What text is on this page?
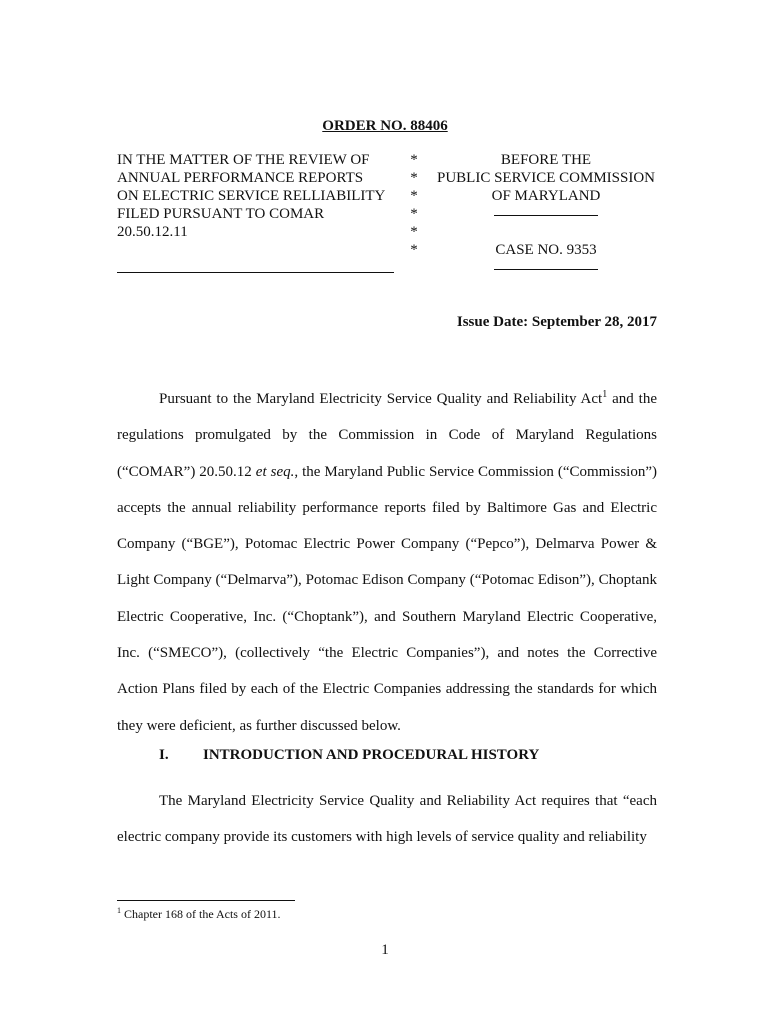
ORDER NO. 88406
IN THE MATTER OF THE REVIEW OF
ANNUAL PERFORMANCE REPORTS
ON ELECTRIC SERVICE RELLIABILITY
FILED PURSUANT TO COMAR
20.50.12.11
*
*
*
*
*
*
BEFORE THE
PUBLIC SERVICE COMMISSION
OF MARYLAND
CASE NO. 9353
Issue Date: September 28, 2017

Pursuant to the Maryland Electricity Service Quality and Reliability Act$^1$ and the regulations promulgated by the Commission in Code of Maryland Regulations (“COMAR”) 20.50.12 et seq., the Maryland Public Service Commission (“Commission”) accepts the annual reliability performance reports filed by Baltimore Gas and Electric Company (“BGE”), Potomac Electric Power Company (“Pepco”), Delmarva Power & Light Company (“Delmarva”), Potomac Edison Company (“Potomac Edison”), Choptank Electric Cooperative, Inc. (“Choptank”), and Southern Maryland Electric Cooperative, Inc. (“SMECO”), (collectively “the Electric Companies”), and notes the Corrective Action Plans filed by each of the Electric Companies addressing the standards for which they were deficient, as further discussed below.

I. INTRODUCTION AND PROCEDURAL HISTORY

The Maryland Electricity Service Quality and Reliability Act requires that “each electric company provide its customers with high levels of service quality and reliability

$^1$ Chapter 168 of the Acts of 2011.
1
